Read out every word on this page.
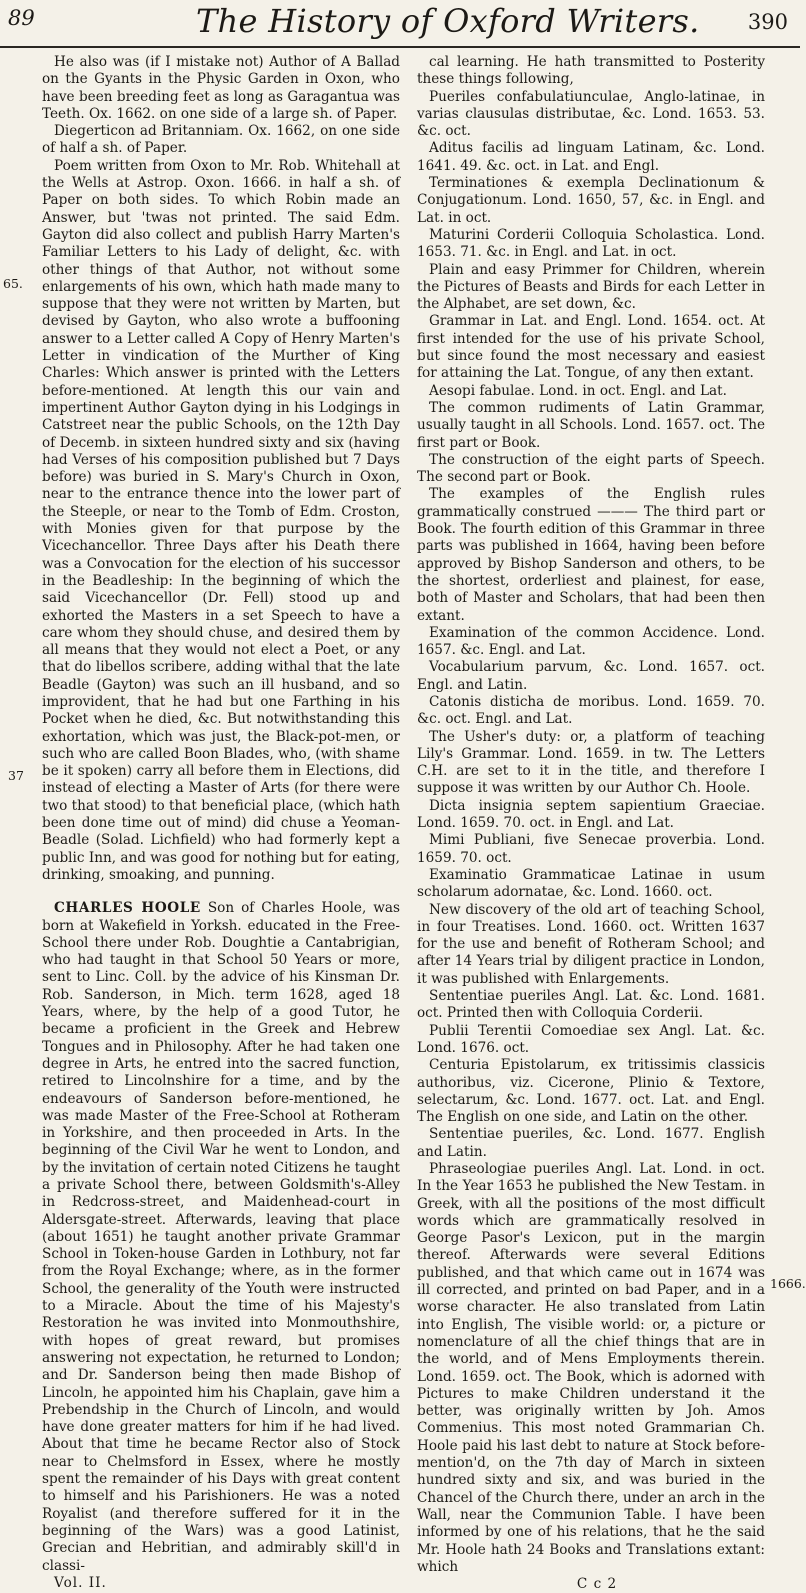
89	The History of Oxford Writers. 390
65.
37
1666.

He also was (if I mistake not) Author of A Ballad on the Gyants in the Physic Garden in Oxon, who have been breeding feet as long as Garagantua was Teeth. Ox. 1662. on one side of a large sh. of Paper.

Diegerticon ad Britanniam. Ox. 1662, on one side of half a sh. of Paper.

Poem written from Oxon to Mr. Rob. Whitehall at the Wells at Astrop. Oxon. 1666. in half a sh. of Paper on both sides. To which Robin made an Answer, but 'twas not printed. The said Edm. Gayton did also collect and publish Harry Marten's Familiar Letters to his Lady of delight, &c. with other things of that Author, not without some enlargements of his own, which hath made many to suppose that they were not written by Marten, but devised by Gayton, who also wrote a buffooning answer to a Letter called A Copy of Henry Marten's Letter in vindication of the Murther of King Charles: Which answer is printed with the Letters before-mentioned. At length this our vain and impertinent Author Gayton dying in his Lodgings in Catstreet near the public Schools, on the 12th Day of Decemb. in sixteen hundred sixty and six (having had Verses of his composition published but 7 Days before) was buried in S. Mary's Church in Oxon, near to the entrance thence into the lower part of the Steeple, or near to the Tomb of Edm. Croston, with Monies given for that purpose by the Vicechancellor. Three Days after his Death there was a Convocation for the election of his successor in the Beadleship: In the beginning of which the said Vicechancellor (Dr. Fell) stood up and exhorted the Masters in a set Speech to have a care whom they should chuse, and desired them by all means that they would not elect a Poet, or any that do libellos scribere, adding withal that the late Beadle (Gayton) was such an ill husband, and so improvident, that he had but one Farthing in his Pocket when he died, &c. But notwithstanding this exhortation, which was just, the Black-pot-men, or such who are called Boon Blades, who, (with shame be it spoken) carry all before them in Elections, did instead of electing a Master of Arts (for there were two that stood) to that beneficial place, (which hath been done time out of mind) did chuse a Yeoman-Beadle (Solad. Lichfield) who had formerly kept a public Inn, and was good for nothing but for eating, drinking, smoaking, and punning.

CHARLES HOOLE Son of Charles Hoole, was born at Wakefield in Yorksh. educated in the Free-School there under Rob. Doughtie a Cantabrigian, who had taught in that School 50 Years or more, sent to Linc. Coll. by the advice of his Kinsman Dr. Rob. Sanderson, in Mich. term 1628, aged 18 Years, where, by the help of a good Tutor, he became a proficient in the Greek and Hebrew Tongues and in Philosophy. After he had taken one degree in Arts, he entred into the sacred function, retired to Lincolnshire for a time, and by the endeavours of Sanderson before-mentioned, he was made Master of the Free-School at Rotheram in Yorkshire, and then proceeded in Arts. In the beginning of the Civil War he went to London, and by the invitation of certain noted Citizens he taught a private School there, between Goldsmith's-Alley in Redcross-street, and Maidenhead-court in Aldersgate-street. Afterwards, leaving that place (about 1651) he taught another private Grammar School in Token-house Garden in Lothbury, not far from the Royal Exchange; where, as in the former School, the generality of the Youth were instructed to a Miracle. About the time of his Majesty's Restoration he was invited into Monmouthshire, with hopes of great reward, but promises answering not expectation, he returned to London; and Dr. Sanderson being then made Bishop of Lincoln, he appointed him his Chaplain, gave him a Prebendship in the Church of Lincoln, and would have done greater matters for him if he had lived. About that time he became Rector also of Stock near to Chelmsford in Essex, where he mostly spent the remainder of his Days with great content to himself and his Parishioners. He was a noted Royalist (and therefore suffered for it in the beginning of the Wars) was a good Latinist, Grecian and Hebritian, and admirably skill'd in classi-

Vol. II.

cal learning. He hath transmitted to Posterity these things following,

Pueriles confabulatiunculae, Anglo-latinae, in varias clausulas distributae, &c. Lond. 1653. 53. &c. oct.

Aditus facilis ad linguam Latinam, &c. Lond. 1641. 49. &c. oct. in Lat. and Engl.

Terminationes & exempla Declinationum & Conjugationum. Lond. 1650, 57, &c. in Engl. and Lat. in oct.

Maturini Corderii Colloquia Scholastica. Lond. 1653. 71. &c. in Engl. and Lat. in oct.

Plain and easy Primmer for Children, wherein the Pictures of Beasts and Birds for each Letter in the Alphabet, are set down, &c.

Grammar in Lat. and Engl. Lond. 1654. oct. At first intended for the use of his private School, but since found the most necessary and easiest for attaining the Lat. Tongue, of any then extant.

Aesopi fabulae. Lond. in oct. Engl. and Lat.

The common rudiments of Latin Grammar, usually taught in all Schools. Lond. 1657. oct. The first part or Book.

The construction of the eight parts of Speech. The second part or Book.

The examples of the English rules grammatically construed ——— The third part or Book. The fourth edition of this Grammar in three parts was published in 1664, having been before approved by Bishop Sanderson and others, to be the shortest, orderliest and plainest, for ease, both of Master and Scholars, that had been then extant.

Examination of the common Accidence. Lond. 1657. &c. Engl. and Lat.

Vocabularium parvum, &c. Lond. 1657. oct. Engl. and Latin.

Catonis disticha de moribus. Lond. 1659. 70. &c. oct. Engl. and Lat.

The Usher's duty: or, a platform of teaching Lily's Grammar. Lond. 1659. in tw. The Letters C.H. are set to it in the title, and therefore I suppose it was written by our Author Ch. Hoole.

Dicta insignia septem sapientium Graeciae. Lond. 1659. 70. oct. in Engl. and Lat.

Mimi Publiani, five Senecae proverbia. Lond. 1659. 70. oct.

Examinatio Grammaticae Latinae in usum scholarum adornatae, &c. Lond. 1660. oct.

New discovery of the old art of teaching School, in four Treatises. Lond. 1660. oct. Written 1637 for the use and benefit of Rotheram School; and after 14 Years trial by diligent practice in London, it was published with Enlargements.

Sententiae pueriles Angl. Lat. &c. Lond. 1681. oct. Printed then with Colloquia Corderii.

Publii Terentii Comoediae sex Angl. Lat. &c. Lond. 1676. oct.

Centuria Epistolarum, ex tritissimis classicis authoribus, viz. Cicerone, Plinio & Textore, selectarum, &c. Lond. 1677. oct. Lat. and Engl. The English on one side, and Latin on the other.

Sententiae pueriles, &c. Lond. 1677. English and Latin.

Phraseologiae pueriles Angl. Lat. Lond. in oct. In the Year 1653 he published the New Testam. in Greek, with all the positions of the most difficult words which are grammatically resolved in George Pasor's Lexicon, put in the margin thereof. Afterwards were several Editions published, and that which came out in 1674 was ill corrected, and printed on bad Paper, and in a worse character. He also translated from Latin into English, The visible world: or, a picture or nomenclature of all the chief things that are in the world, and of Mens Employments therein. Lond. 1659. oct. The Book, which is adorned with Pictures to make Children understand it the better, was originally written by Joh. Amos Commenius. This most noted Grammarian Ch. Hoole paid his last debt to nature at Stock before-mention'd, on the 7th day of March in sixteen hundred sixty and six, and was buried in the Chancel of the Church there, under an arch in the Wall, near the Communion Table. I have been informed by one of his relations, that he the said Mr. Hoole hath 24 Books and Translations extant: which

C c 2
